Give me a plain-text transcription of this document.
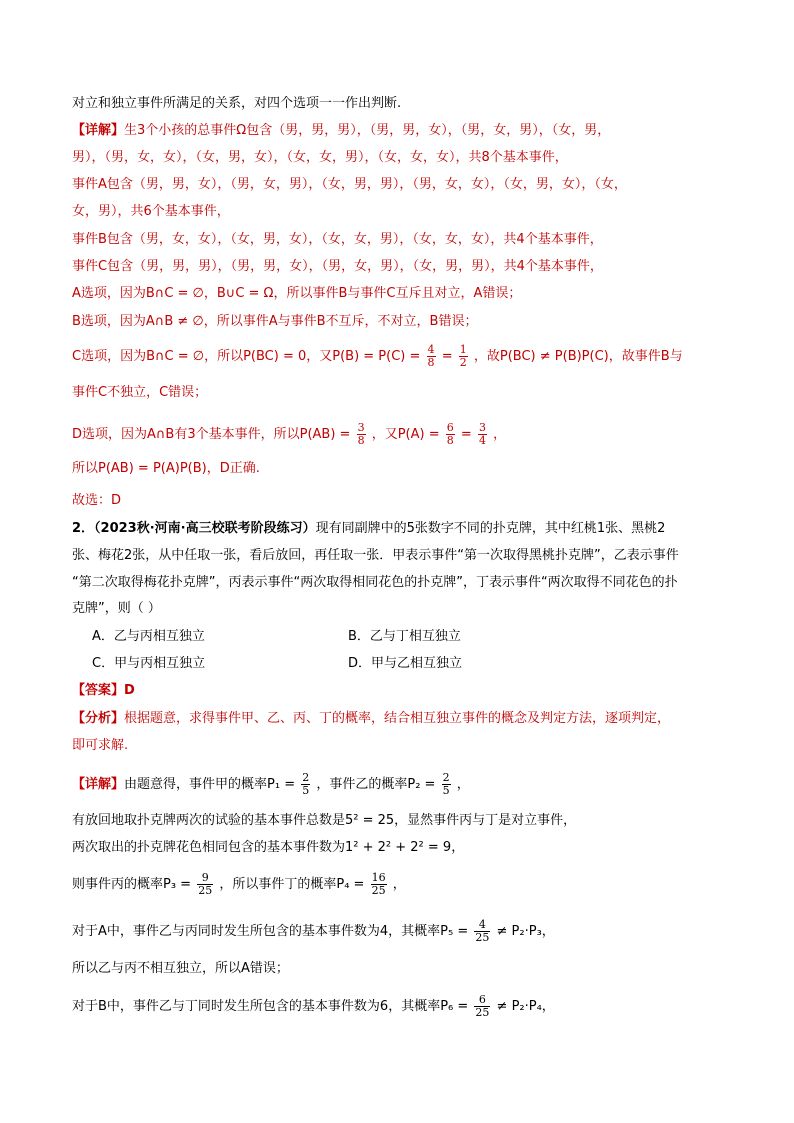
对立和独立事件所满足的关系，对四个选项一一作出判断.
【详解】生3个小孩的总事件Ω包含（男，男，男），（男，男，女），（男，女，男），（女，男，
男），（男，女，女），（女，男，女），（女，女，男），（女，女，女），共8个基本事件，
事件A包含（男，男，女），（男，女，男），（女，男，男），（男，女，女），（女，男，女），（女，
女，男），共6个基本事件，
事件B包含（男，女，女），（女，男，女），（女，女，男），（女，女，女），共4个基本事件，
事件C包含（男，男，男），（男，男，女），（男，女，男），（女，男，男），共4个基本事件，
A选项，因为B∩C = ∅，B∪C = Ω，所以事件B与事件C互斥且对立，A错误；
B选项，因为A∩B ≠ ∅，所以事件A与事件B不互斥，不对立，B错误；
C选项，因为B∩C = ∅，所以P(BC) = 0，又$P(B) = P(C) = \frac{4}{8} = \frac{1}{2}$ ，故P(BC) ≠ P(B)P(C)，故事件B与
事件C不独立，C错误；
D选项，因为A∩B有3个基本事件，所以$P(AB) = \frac{3}{8}$ ，又$P(A) = \frac{6}{8} = \frac{3}{4}$ ，
所以P(AB) = P(A)P(B)，D正确.
故选：D
2．（2023秋·河南·高三校联考阶段练习）现有同副牌中的5张数字不同的扑克牌，其中红桃1张、黑桃2
张、梅花2张，从中任取一张，看后放回，再任取一张．甲表示事件“第一次取得黑桃扑克牌”，乙表示事件
“第二次取得梅花扑克牌”，丙表示事件“两次取得相同花色的扑克牌”，丁表示事件“两次取得不同花色的扑
克牌”，则（ ）
A．乙与丙相互独立	B．乙与丁相互独立
C．甲与丙相互独立	D．甲与乙相互独立
【答案】D
【分析】根据题意，求得事件甲、乙、丙、丁的概率，结合相互独立事件的概念及判定方法，逐项判定，
即可求解.
【详解】由题意得，事件甲的概率$P_1 = \frac{2}{5}$ ，事件乙的概率$P_2 = \frac{2}{5}$ ，
有放回地取扑克牌两次的试验的基本事件总数是5² = 25，显然事件丙与丁是对立事件，
两次取出的扑克牌花色相同包含的基本事件数为1² + 2² + 2² = 9，
则事件丙的概率$P_3 = \frac{9}{25}$ ，所以事件丁的概率$P_4 = \frac{16}{25}$ ，
对于A中，事件乙与丙同时发生所包含的基本事件数为4，其概率$P_5 = \frac{4}{25} \ne P_2\cdot P_3$，
所以乙与丙不相互独立，所以A错误；
对于B中，事件乙与丁同时发生所包含的基本事件数为6，其概率$P_6 = \frac{6}{25} \ne P_2\cdot P_4$，
